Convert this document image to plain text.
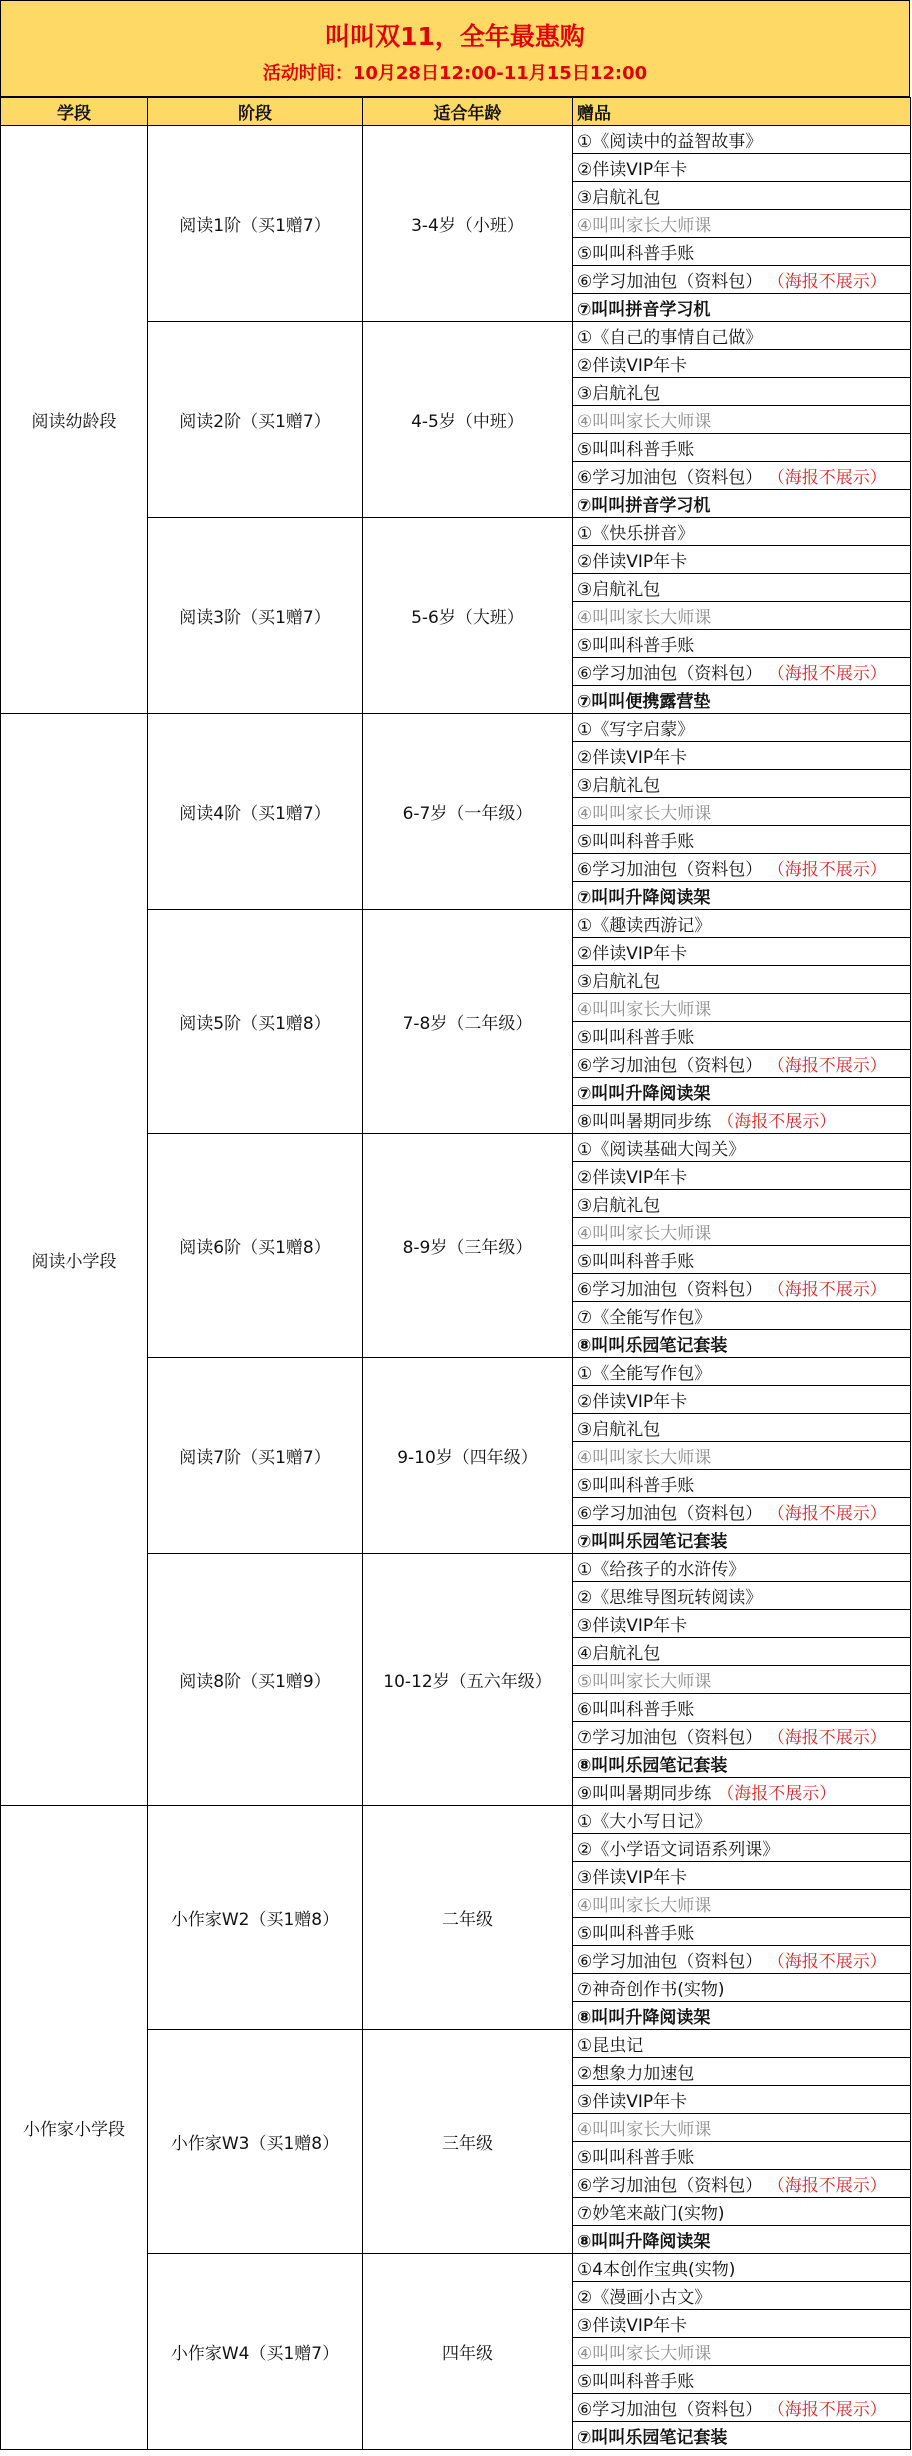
叫叫双11，全年最惠购
活动时间：10月28日12:00-11月15日12:00
学段	阶段	适合年龄	赠品
阅读幼龄段	阅读1阶（买1赠7）	3-4岁（小班）	①《阅读中的益智故事》
			②伴读VIP年卡
			③启航礼包
			④叫叫家长大师课
			⑤叫叫科普手账
			⑥学习加油包（资料包） （海报不展示）
			⑦叫叫拼音学习机
	阅读2阶（买1赠7）	4-5岁（中班）	①《自己的事情自己做》
			②伴读VIP年卡
			③启航礼包
			④叫叫家长大师课
			⑤叫叫科普手账
			⑥学习加油包（资料包） （海报不展示）
			⑦叫叫拼音学习机
	阅读3阶（买1赠7）	5-6岁（大班）	①《快乐拼音》
			②伴读VIP年卡
			③启航礼包
			④叫叫家长大师课
			⑤叫叫科普手账
			⑥学习加油包（资料包） （海报不展示）
			⑦叫叫便携露营垫
阅读小学段	阅读4阶（买1赠7）	6-7岁（一年级）	①《写字启蒙》
			②伴读VIP年卡
			③启航礼包
			④叫叫家长大师课
			⑤叫叫科普手账
			⑥学习加油包（资料包） （海报不展示）
			⑦叫叫升降阅读架
	阅读5阶（买1赠8）	7-8岁（二年级）	①《趣读西游记》
			②伴读VIP年卡
			③启航礼包
			④叫叫家长大师课
			⑤叫叫科普手账
			⑥学习加油包（资料包） （海报不展示）
			⑦叫叫升降阅读架
			⑧叫叫暑期同步练 （海报不展示）
	阅读6阶（买1赠8）	8-9岁（三年级）	①《阅读基础大闯关》
			②伴读VIP年卡
			③启航礼包
			④叫叫家长大师课
			⑤叫叫科普手账
			⑥学习加油包（资料包） （海报不展示）
			⑦《全能写作包》
			⑧叫叫乐园笔记套装
	阅读7阶（买1赠7）	9-10岁（四年级）	①《全能写作包》
			②伴读VIP年卡
			③启航礼包
			④叫叫家长大师课
			⑤叫叫科普手账
			⑥学习加油包（资料包） （海报不展示）
			⑦叫叫乐园笔记套装
	阅读8阶（买1赠9）	10-12岁（五六年级）	①《给孩子的水浒传》
			②《思维导图玩转阅读》
			③伴读VIP年卡
			④启航礼包
			⑤叫叫家长大师课
			⑥叫叫科普手账
			⑦学习加油包（资料包） （海报不展示）
			⑧叫叫乐园笔记套装
			⑨叫叫暑期同步练 （海报不展示）
小作家小学段	小作家W2（买1赠8）	二年级	①《大小写日记》
			②《小学语文词语系列课》
			③伴读VIP年卡
			④叫叫家长大师课
			⑤叫叫科普手账
			⑥学习加油包（资料包） （海报不展示）
			⑦神奇创作书(实物)
			⑧叫叫升降阅读架
	小作家W3（买1赠8）	三年级	①昆虫记
			②想象力加速包
			③伴读VIP年卡
			④叫叫家长大师课
			⑤叫叫科普手账
			⑥学习加油包（资料包） （海报不展示）
			⑦妙笔来敲门(实物)
			⑧叫叫升降阅读架
	小作家W4（买1赠7）	四年级	①4本创作宝典(实物)
			②《漫画小古文》
			③伴读VIP年卡
			④叫叫家长大师课
			⑤叫叫科普手账
			⑥学习加油包（资料包） （海报不展示）
			⑦叫叫乐园笔记套装
